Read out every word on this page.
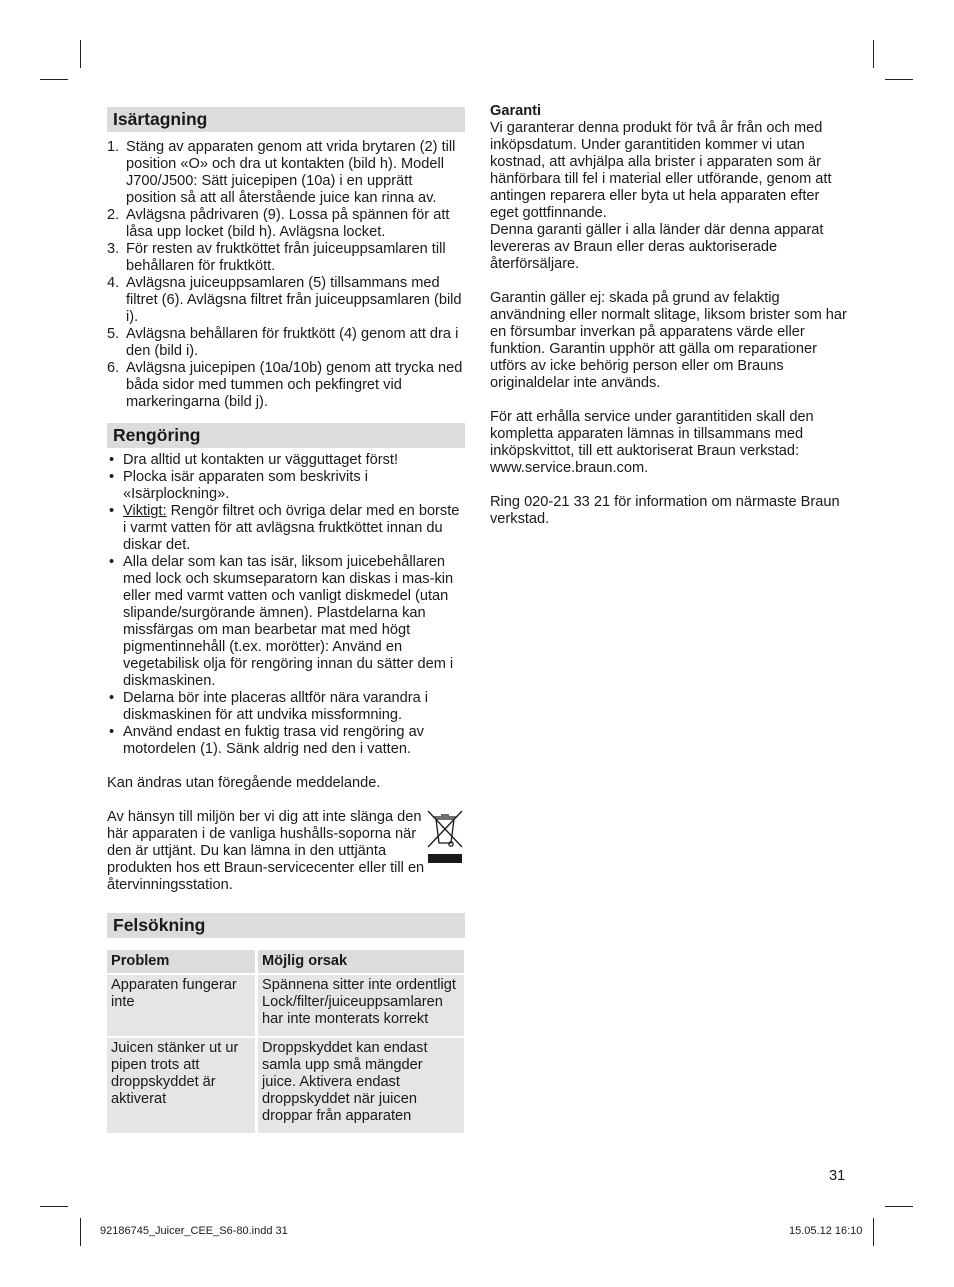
Isärtagning
1. Stäng av apparaten genom att vrida brytaren (2) till position «O» och dra ut kontakten (bild h). Modell J700/J500: Sätt juicepipen (10a) i en upprätt position så att all återstående juice kan rinna av.
2. Avlägsna pådrivaren (9). Lossa på spännen för att låsa upp locket (bild h). Avlägsna locket.
3. För resten av fruktköttet från juiceuppsamlaren till behållaren för fruktkött.
4. Avlägsna juiceuppsamlaren (5) tillsammans med filtret (6). Avlägsna filtret från juiceuppsamlaren (bild i).
5. Avlägsna behållaren för fruktkött (4) genom att dra i den (bild i).
6. Avlägsna juicepipen (10a/10b) genom att trycka ned båda sidor med tummen och pekfingret vid markeringarna (bild j).
Rengöring
• Dra alltid ut kontakten ur vägguttaget först!
• Plocka isär apparaten som beskrivits i «Isärplockning».
• Viktigt: Rengör filtret och övriga delar med en borste i varmt vatten för att avlägsna fruktköttet innan du diskar det.
• Alla delar som kan tas isär, liksom juicebehållaren med lock och skumseparatorn kan diskas i mas-kin eller med varmt vatten och vanligt diskmedel (utan slipande/surgörande ämnen). Plastdelarna kan missfärgas om man bearbetar mat med högt pigmentinnehåll (t.ex. morötter): Använd en vegetabilisk olja för rengöring innan du sätter dem i diskmaskinen.
• Delarna bör inte placeras alltför nära varandra i diskmaskinen för att undvika missformning.
• Använd endast en fuktig trasa vid rengöring av motordelen (1). Sänk aldrig ned den i vatten.

Kan ändras utan föregående meddelande.

Av hänsyn till miljön ber vi dig att inte slänga den här apparaten i de vanliga hushålls-soporna när den är uttjänt. Du kan lämna in den uttjänta produkten hos ett Braun-servicecenter eller till en återvinningsstation.

Felsökning
Problem	Möjlig orsak
Apparaten fungerar inte	Spännena sitter inte ordentligt Lock/filter/juiceuppsamlaren har inte monterats korrekt
Juicen stänker ut ur pipen trots att droppskyddet är aktiverat	Droppskyddet kan endast samla upp små mängder juice. Aktivera endast droppskyddet när juicen droppar från apparaten

Garanti

Vi garanterar denna produkt för två år från och med inköpsdatum. Under garantitiden kommer vi utan kostnad, att avhjälpa alla brister i apparaten som är hänförbara till fel i material eller utförande, genom att antingen reparera eller byta ut hela apparaten efter eget gottfinnande.

Denna garanti gäller i alla länder där denna apparat levereras av Braun eller deras auktoriserade återförsäljare.

Garantin gäller ej: skada på grund av felaktig användning eller normalt slitage, liksom brister som har en försumbar inverkan på apparatens värde eller funktion. Garantin upphör att gälla om reparationer utförs av icke behörig person eller om Brauns originaldelar inte används.

För att erhålla service under garantitiden skall den kompletta apparaten lämnas in tillsammans med inköpskvittot, till ett auktoriserat Braun verkstad: www.service.braun.com.

Ring 020-21 33 21 för information om närmaste Braun verkstad.

31
92186745_Juicer_CEE_S6-80.indd 31	15.05.12 16:10
